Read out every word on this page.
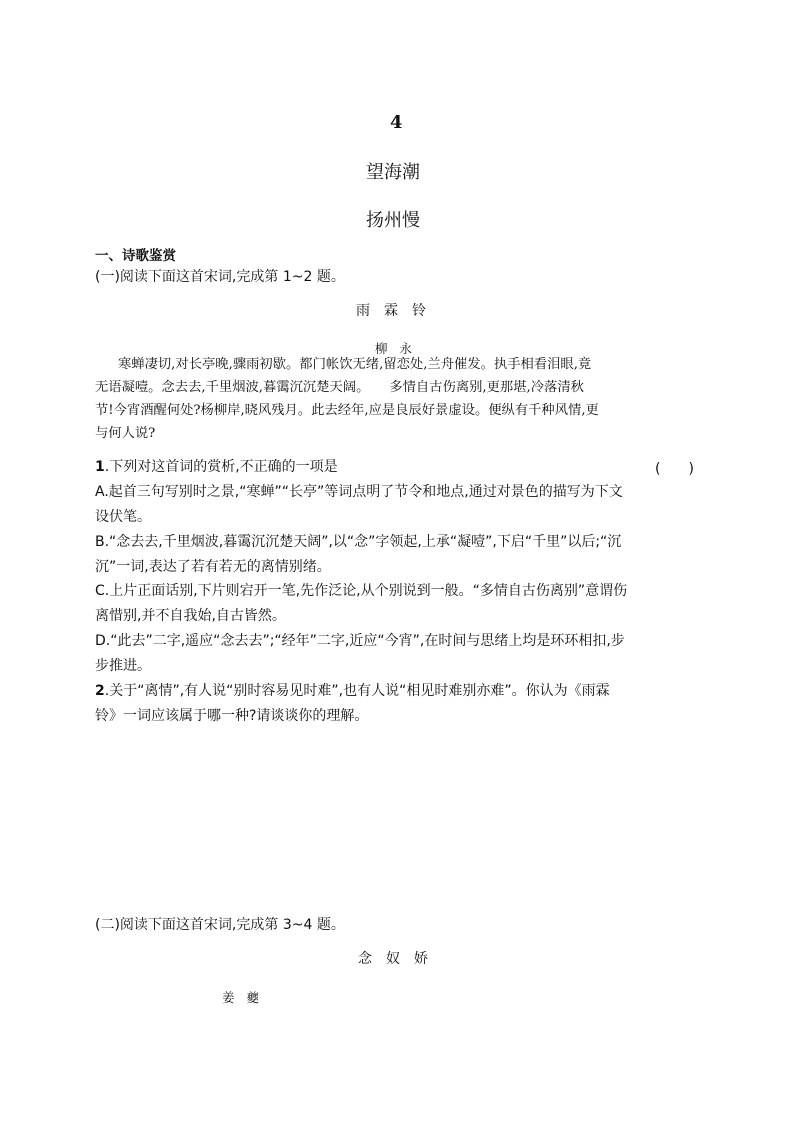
4
望海潮
扬州慢
一、诗歌鉴赏
(一)阅读下面这首宋词,完成第 1~2 题。
雨霖铃
柳永
寒蝉凄切,对长亭晚,骤雨初歇。都门帐饮无绪,留恋处,兰舟催发。执手相看泪眼,竟
无语凝噎。念去去,千里烟波,暮霭沉沉楚天阔。　　多情自古伤离别,更那堪,冷落清秋
节!今宵酒醒何处?杨柳岸,晓风残月。此去经年,应是良辰好景虚设。便纵有千种风情,更
与何人说?
1.下列对这首词的赏析,不正确的一项是	(　　)
A.起首三句写别时之景,“寒蝉”“长亭”等词点明了节令和地点,通过对景色的描写为下文
设伏笔。
B.“念去去,千里烟波,暮霭沉沉楚天阔”,以“念”字领起,上承“凝噎”,下启“千里”以后;“沉
沉”一词,表达了若有若无的离情别绪。
C.上片正面话别,下片则宕开一笔,先作泛论,从个别说到一般。“多情自古伤离别”意谓伤
离惜别,并不自我始,自古皆然。
D.“此去”二字,遥应“念去去”;“经年”二字,近应“今宵”,在时间与思绪上均是环环相扣,步
步推进。
2.关于“离情”,有人说“别时容易见时难”,也有人说“相见时难别亦难”。你认为《雨霖
铃》一词应该属于哪一种?请谈谈你的理解。
(二)阅读下面这首宋词,完成第 3~4 题。
念奴娇
姜夔
